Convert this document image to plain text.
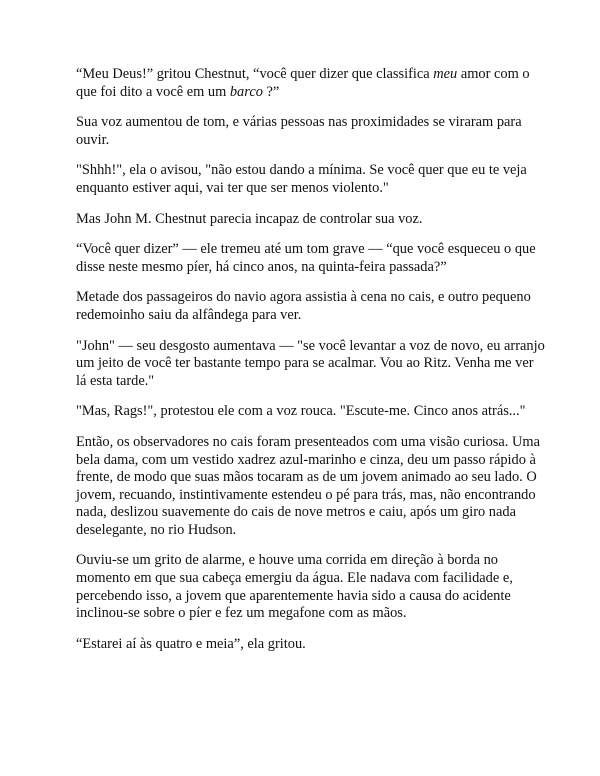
“Meu Deus!” gritou Chestnut, “você quer dizer que classifica meu amor com o que foi dito a você em um barco ?”

Sua voz aumentou de tom, e várias pessoas nas proximidades se viraram para ouvir.

"Shhh!", ela o avisou, "não estou dando a mínima. Se você quer que eu te veja enquanto estiver aqui, vai ter que ser menos violento."

Mas John M. Chestnut parecia incapaz de controlar sua voz.

“Você quer dizer” — ele tremeu até um tom grave — “que você esqueceu o que disse neste mesmo píer, há cinco anos, na quinta-feira passada?”

Metade dos passageiros do navio agora assistia à cena no cais, e outro pequeno redemoinho saiu da alfândega para ver.

"John" — seu desgosto aumentava — "se você levantar a voz de novo, eu arranjo um jeito de você ter bastante tempo para se acalmar. Vou ao Ritz. Venha me ver lá esta tarde."

"Mas, Rags!", protestou ele com a voz rouca. "Escute-me. Cinco anos atrás..."

Então, os observadores no cais foram presenteados com uma visão curiosa. Uma bela dama, com um vestido xadrez azul-marinho e cinza, deu um passo rápido à frente, de modo que suas mãos tocaram as de um jovem animado ao seu lado. O jovem, recuando, instintivamente estendeu o pé para trás, mas, não encontrando nada, deslizou suavemente do cais de nove metros e caiu, após um giro nada deselegante, no rio Hudson.

Ouviu-se um grito de alarme, e houve uma corrida em direção à borda no momento em que sua cabeça emergiu da água. Ele nadava com facilidade e, percebendo isso, a jovem que aparentemente havia sido a causa do acidente inclinou-se sobre o píer e fez um megafone com as mãos.

“Estarei aí às quatro e meia”, ela gritou.
